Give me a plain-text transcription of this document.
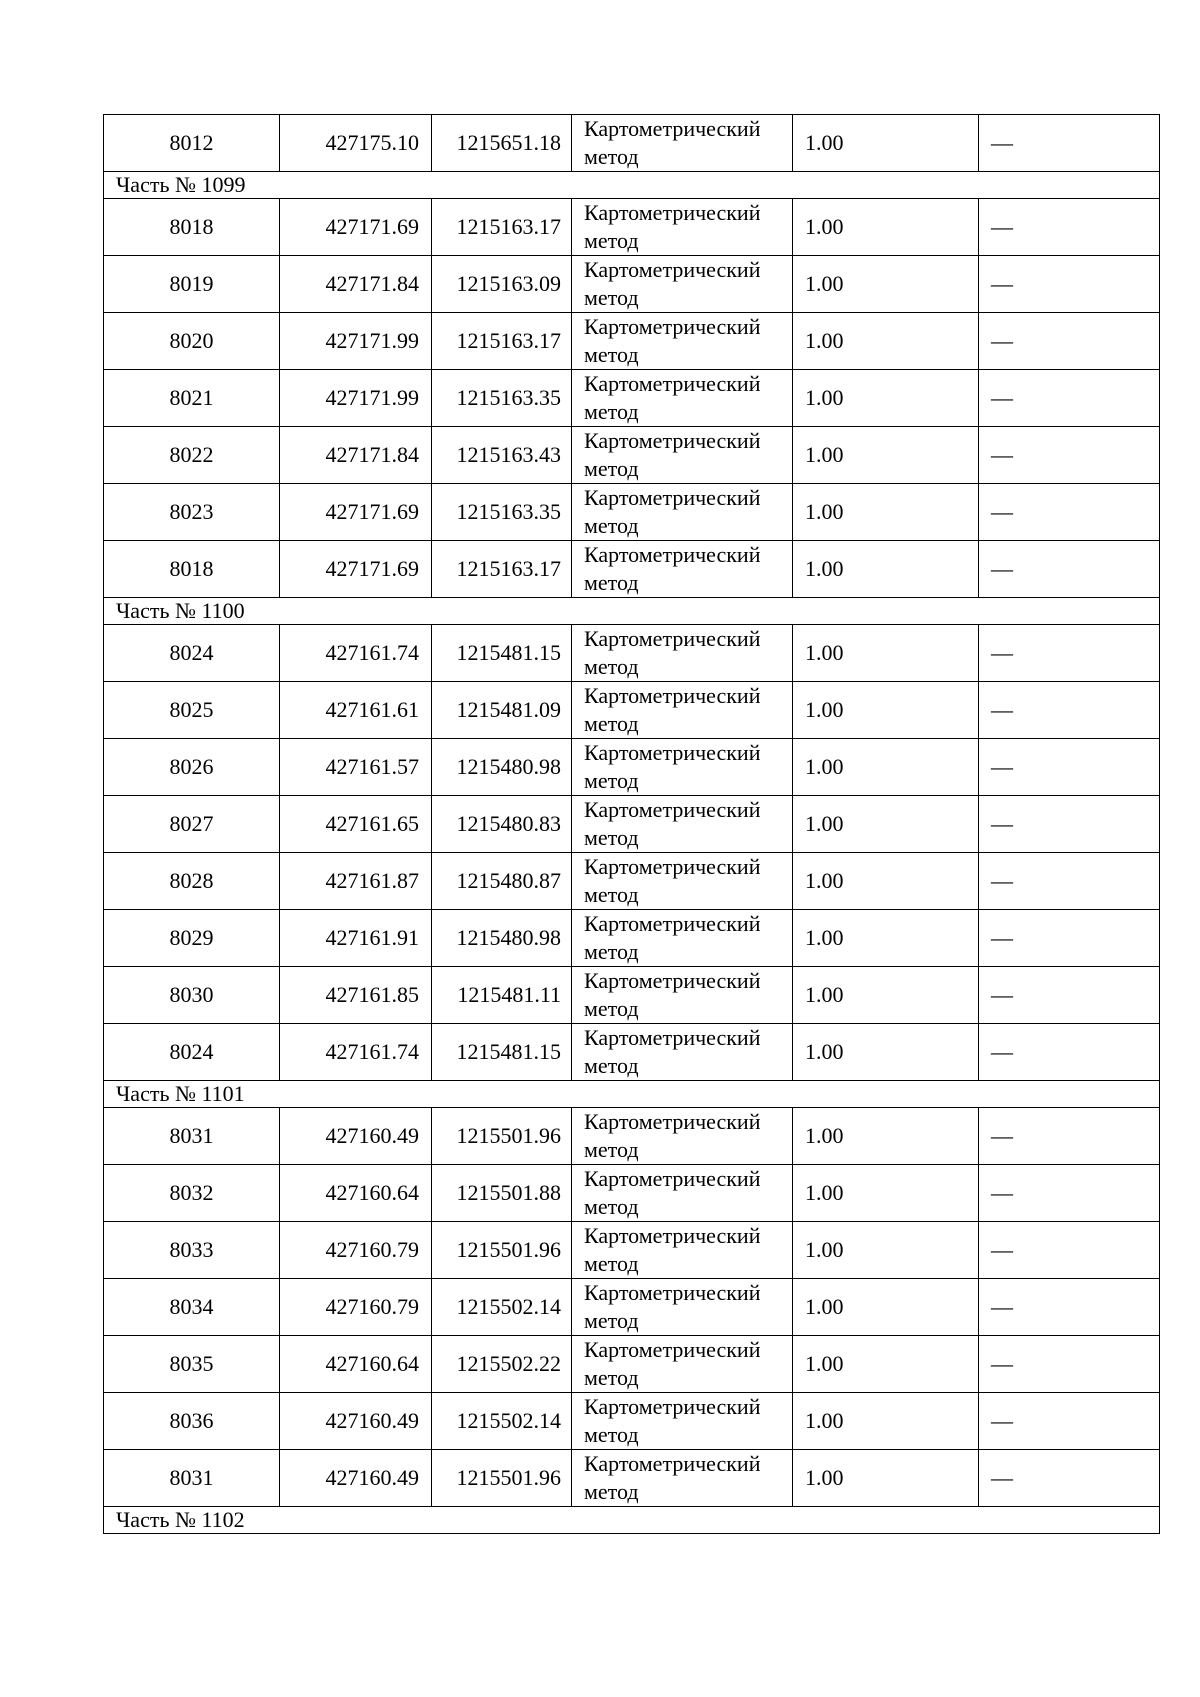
8012	427175.10	1215651.18	Картометрический
метод	1.00	—
Часть № 1099					
8018	427171.69	1215163.17	Картометрический
метод	1.00	—
8019	427171.84	1215163.09	Картометрический
метод	1.00	—
8020	427171.99	1215163.17	Картометрический
метод	1.00	—
8021	427171.99	1215163.35	Картометрический
метод	1.00	—
8022	427171.84	1215163.43	Картометрический
метод	1.00	—
8023	427171.69	1215163.35	Картометрический
метод	1.00	—
8018	427171.69	1215163.17	Картометрический
метод	1.00	—
Часть № 1100					
8024	427161.74	1215481.15	Картометрический
метод	1.00	—
8025	427161.61	1215481.09	Картометрический
метод	1.00	—
8026	427161.57	1215480.98	Картометрический
метод	1.00	—
8027	427161.65	1215480.83	Картометрический
метод	1.00	—
8028	427161.87	1215480.87	Картометрический
метод	1.00	—
8029	427161.91	1215480.98	Картометрический
метод	1.00	—
8030	427161.85	1215481.11	Картометрический
метод	1.00	—
8024	427161.74	1215481.15	Картометрический
метод	1.00	—
Часть № 1101					
8031	427160.49	1215501.96	Картометрический
метод	1.00	—
8032	427160.64	1215501.88	Картометрический
метод	1.00	—
8033	427160.79	1215501.96	Картометрический
метод	1.00	—
8034	427160.79	1215502.14	Картометрический
метод	1.00	—
8035	427160.64	1215502.22	Картометрический
метод	1.00	—
8036	427160.49	1215502.14	Картометрический
метод	1.00	—
8031	427160.49	1215501.96	Картометрический
метод	1.00	—
Часть № 1102					
